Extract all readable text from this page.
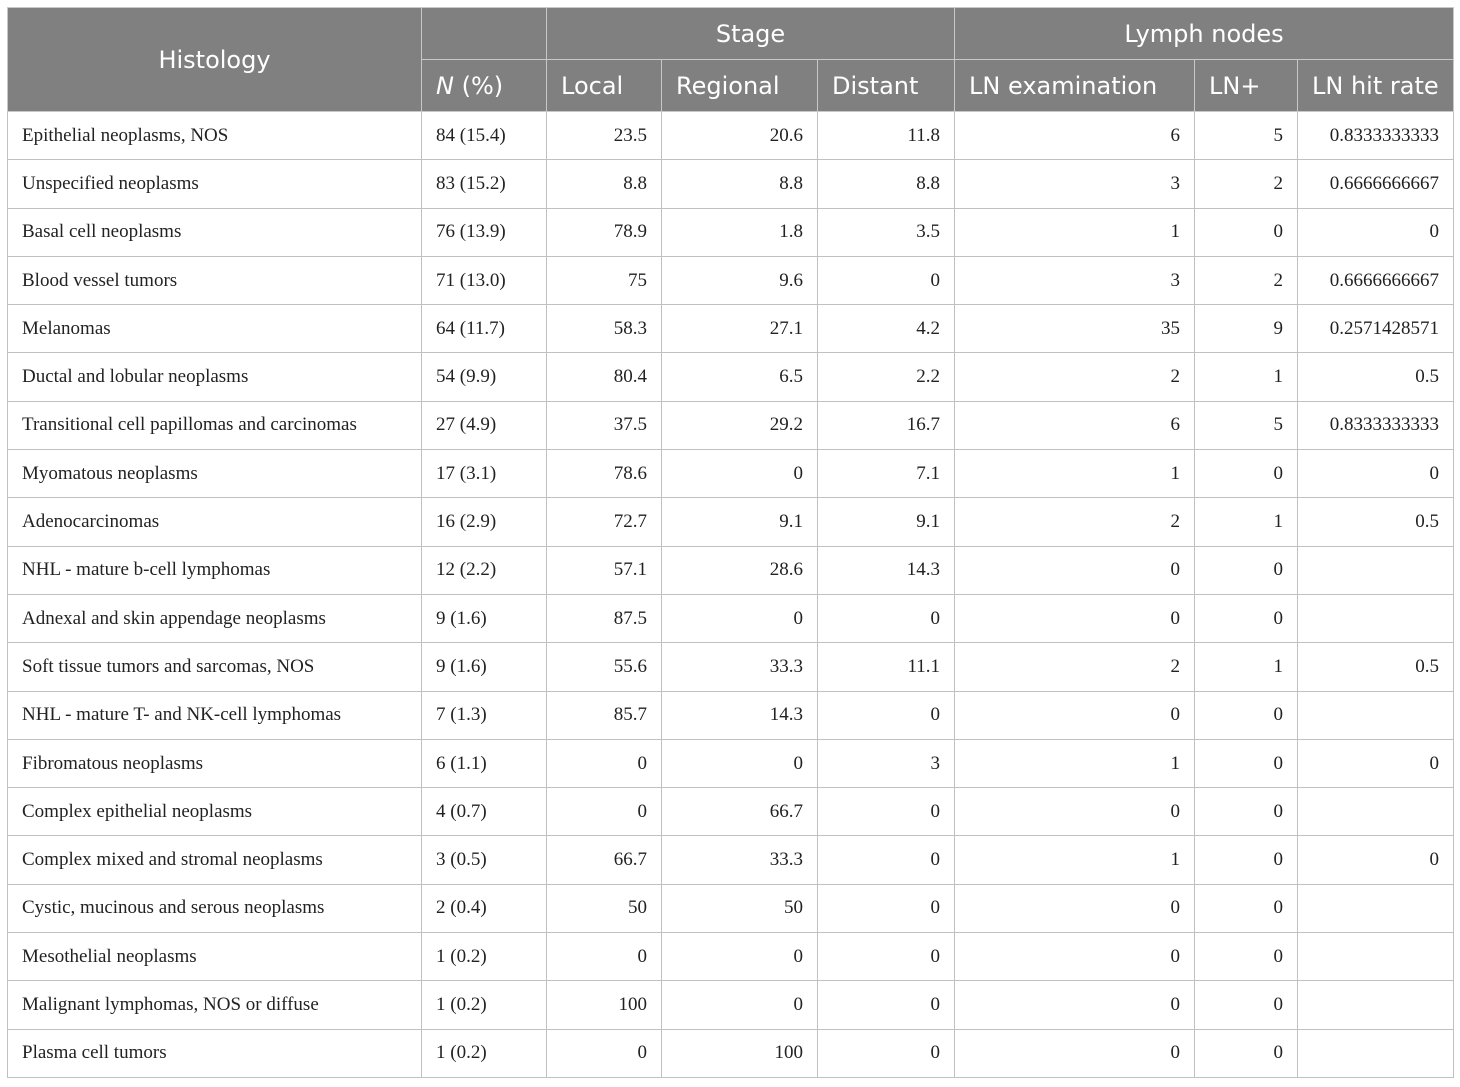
Histology		Stage			Lymph nodes		
	N (%)	Local	Regional	Distant	LN examination	LN+	LN hit rate
Epithelial neoplasms, NOS	84 (15.4)	23.5	20.6	11.8	6	5	0.8333333333
Unspecified neoplasms	83 (15.2)	8.8	8.8	8.8	3	2	0.6666666667
Basal cell neoplasms	76 (13.9)	78.9	1.8	3.5	1	0	0
Blood vessel tumors	71 (13.0)	75	9.6	0	3	2	0.6666666667
Melanomas	64 (11.7)	58.3	27.1	4.2	35	9	0.2571428571
Ductal and lobular neoplasms	54 (9.9)	80.4	6.5	2.2	2	1	0.5
Transitional cell papillomas and carcinomas	27 (4.9)	37.5	29.2	16.7	6	5	0.8333333333
Myomatous neoplasms	17 (3.1)	78.6	0	7.1	1	0	0
Adenocarcinomas	16 (2.9)	72.7	9.1	9.1	2	1	0.5
NHL - mature b-cell lymphomas	12 (2.2)	57.1	28.6	14.3	0	0	
Adnexal and skin appendage neoplasms	9 (1.6)	87.5	0	0	0	0	
Soft tissue tumors and sarcomas, NOS	9 (1.6)	55.6	33.3	11.1	2	1	0.5
NHL - mature T- and NK-cell lymphomas	7 (1.3)	85.7	14.3	0	0	0	
Fibromatous neoplasms	6 (1.1)	0	0	3	1	0	0
Complex epithelial neoplasms	4 (0.7)	0	66.7	0	0	0	
Complex mixed and stromal neoplasms	3 (0.5)	66.7	33.3	0	1	0	0
Cystic, mucinous and serous neoplasms	2 (0.4)	50	50	0	0	0	
Mesothelial neoplasms	1 (0.2)	0	0	0	0	0	
Malignant lymphomas, NOS or diffuse	1 (0.2)	100	0	0	0	0	
Plasma cell tumors	1 (0.2)	0	100	0	0	0	
